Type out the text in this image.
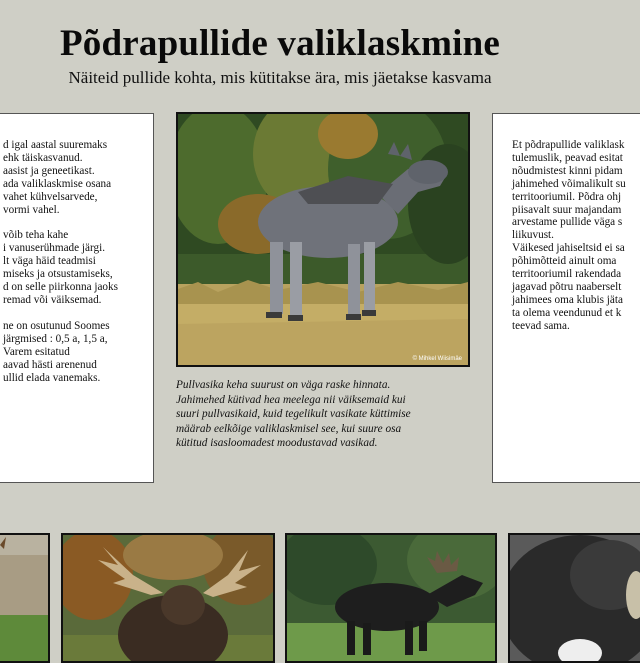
Põdrapullide valiklaskmine
Näiteid pullide kohta, mis kütitakse ära, mis jäetakse kasvama

d igal aastal suuremaks

ehk täiskasvanud.

aasist ja geneetikast.

ada valiklaskmise osana

vahet kühvelsarvede,

vormi vahel.

võib teha kahe

i vanuserühmade järgi.

lt väga häid teadmisi

miseks ja otsustamiseks,

d on selle piirkonna jaoks

remad või väiksemad.

ne on osutunud Soomes

järgmised : 0,5 a, 1,5 a,

Varem esitatud

aavad hästi arenenud

ullid elada vanemaks.

© Mihkel Wiisimäe

Pullvasika keha suurust on väga raske hinnata.

Jahimehed kütivad hea meelega nii väiksemaid kui

suuri pullvasikaid, kuid tegelikult vasikate küttimise

määrab eelkõige valiklaskmisel see, kui suure osa

kütitud isasloomadest moodustavad vasikad.

Et põdrapullide valiklask

tulemuslik, peavad esitat

nõudmistest kinni pidam

jahimehed võimalikult su

territooriumil. Põdra ohj

piisavalt suur majandam

arvestame pullide väga s

liikuvust.

Väikesed jahiseltsid ei sa

põhimõtteid ainult oma

territooriumil rakendada

jagavad põtru naaberselt

jahimees oma klubis jäta

ta olema veendunud et k

teevad sama.
